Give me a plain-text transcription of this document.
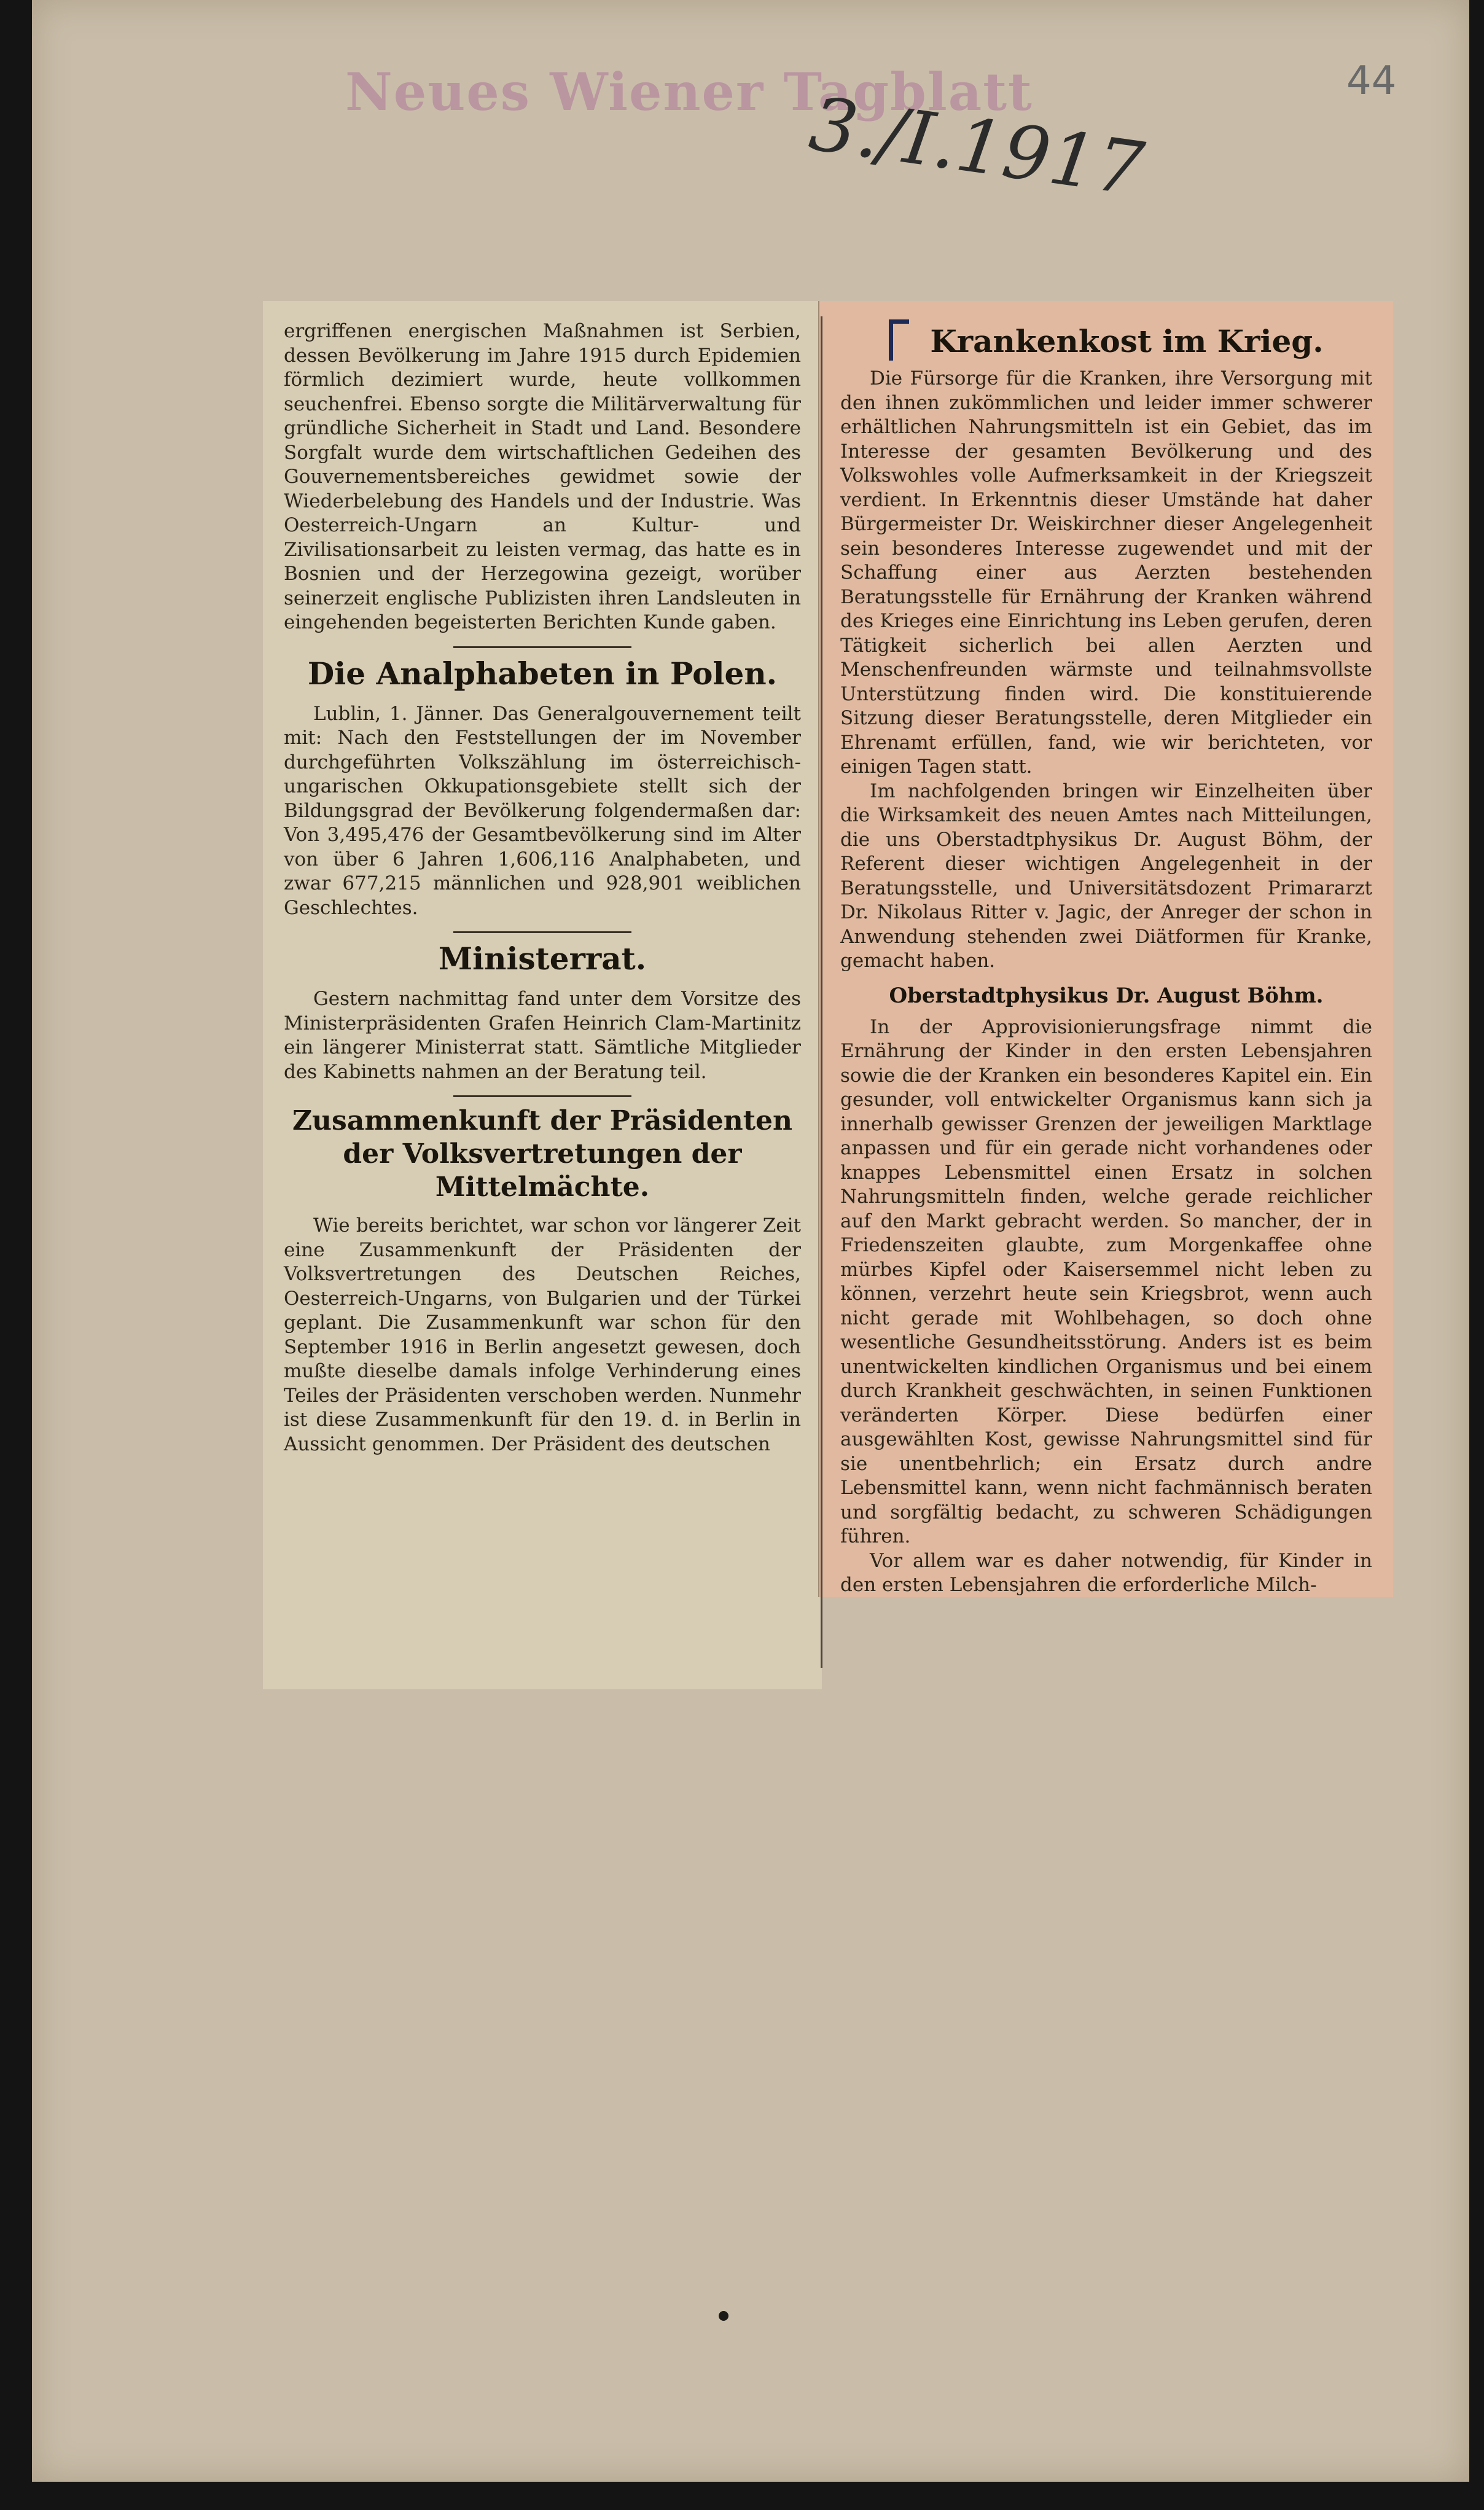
Neues Wiener Tagblatt
3./I.1917
44

ergriffenen energischen Maßnahmen ist Serbien, dessen Bevölkerung im Jahre 1915 durch Epidemien förmlich dezimiert wurde, heute vollkommen seuchenfrei. Ebenso sorgte die Militärverwaltung für gründliche Sicherheit in Stadt und Land. Besondere Sorgfalt wurde dem wirtschaftlichen Gedeihen des Gouvernementsbereiches gewidmet sowie der Wiederbelebung des Handels und der Industrie. Was Oesterreich-Ungarn an Kultur- und Zivilisationsarbeit zu leisten vermag, das hatte es in Bosnien und der Herzegowina gezeigt, worüber seinerzeit englische Publizisten ihren Landsleuten in eingehenden begeisterten Berichten Kunde gaben.

Die Analphabeten in Polen.

Lublin, 1. Jänner. Das Generalgouvernement teilt mit: Nach den Feststellungen der im November durchgeführten Volkszählung im österreichisch-ungarischen Okkupationsgebiete stellt sich der Bildungsgrad der Bevölkerung folgendermaßen dar: Von 3,495,476 der Gesamtbevölkerung sind im Alter von über 6 Jahren 1,606,116 Analphabeten, und zwar 677,215 männlichen und 928,901 weiblichen Geschlechtes.

Ministerrat.

Gestern nachmittag fand unter dem Vorsitze des Ministerpräsidenten Grafen Heinrich Clam-Martinitz ein längerer Ministerrat statt. Sämtliche Mitglieder des Kabinetts nahmen an der Beratung teil.

Zusammenkunft der Präsidenten der Volksvertretungen der Mittelmächte.

Wie bereits berichtet, war schon vor längerer Zeit eine Zusammenkunft der Präsidenten der Volksvertretungen des Deutschen Reiches, Oesterreich-Ungarns, von Bulgarien und der Türkei geplant. Die Zusammenkunft war schon für den September 1916 in Berlin angesetzt gewesen, doch mußte dieselbe damals infolge Verhinderung eines Teiles der Präsidenten verschoben werden. Nunmehr ist diese Zusammenkunft für den 19. d. in Berlin in Aussicht genommen. Der Präsident des deutschen

Krankenkost im Krieg.

Die Fürsorge für die Kranken, ihre Versorgung mit den ihnen zukömmlichen und leider immer schwerer erhältlichen Nahrungsmitteln ist ein Gebiet, das im Interesse der gesamten Bevölkerung und des Volkswohles volle Aufmerksamkeit in der Kriegszeit verdient. In Erkenntnis dieser Umstände hat daher Bürgermeister Dr. Weiskirchner dieser Angelegenheit sein besonderes Interesse zugewendet und mit der Schaffung einer aus Aerzten bestehenden Beratungsstelle für Ernährung der Kranken während des Krieges eine Einrichtung ins Leben gerufen, deren Tätigkeit sicherlich bei allen Aerzten und Menschenfreunden wärmste und teilnahmsvollste Unterstützung finden wird. Die konstituierende Sitzung dieser Beratungsstelle, deren Mitglieder ein Ehrenamt erfüllen, fand, wie wir berichteten, vor einigen Tagen statt.

Im nachfolgenden bringen wir Einzelheiten über die Wirksamkeit des neuen Amtes nach Mitteilungen, die uns Oberstadtphysikus Dr. August Böhm, der Referent dieser wichtigen Angelegenheit in der Beratungsstelle, und Universitätsdozent Primararzt Dr. Nikolaus Ritter v. Jagic, der Anreger der schon in Anwendung stehenden zwei Diätformen für Kranke, gemacht haben.

Oberstadtphysikus Dr. August Böhm.

In der Approvisionierungsfrage nimmt die Ernährung der Kinder in den ersten Lebensjahren sowie die der Kranken ein besonderes Kapitel ein. Ein gesunder, voll entwickelter Organismus kann sich ja innerhalb gewisser Grenzen der jeweiligen Marktlage anpassen und für ein gerade nicht vorhandenes oder knappes Lebensmittel einen Ersatz in solchen Nahrungsmitteln finden, welche gerade reichlicher auf den Markt gebracht werden. So mancher, der in Friedenszeiten glaubte, zum Morgenkaffee ohne mürbes Kipfel oder Kaisersemmel nicht leben zu können, verzehrt heute sein Kriegsbrot, wenn auch nicht gerade mit Wohlbehagen, so doch ohne wesentliche Gesundheitsstörung. Anders ist es beim unentwickelten kindlichen Organismus und bei einem durch Krankheit geschwächten, in seinen Funktionen veränderten Körper. Diese bedürfen einer ausgewählten Kost, gewisse Nahrungsmittel sind für sie unentbehrlich; ein Ersatz durch andre Lebensmittel kann, wenn nicht fachmännisch beraten und sorgfältig bedacht, zu schweren Schädigungen führen.

Vor allem war es daher notwendig, für Kinder in den ersten Lebensjahren die erforderliche Milch-
